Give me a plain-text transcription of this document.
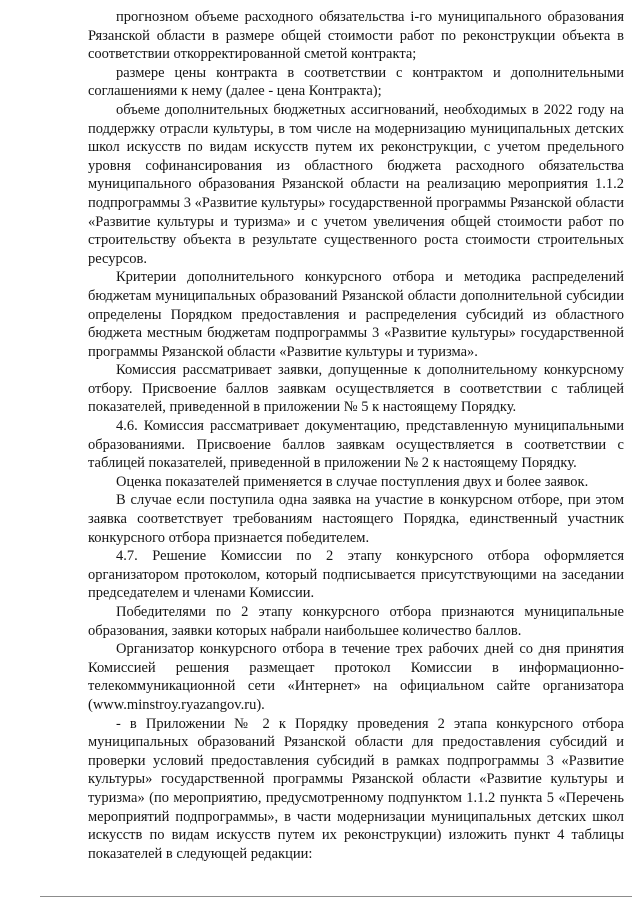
прогнозном объеме расходного обязательства i-го муниципального образования Рязанской области в размере общей стоимости работ по реконструкции объекта в соответствии откорректированной сметой контракта;

размере цены контракта в соответствии с контрактом и дополнительными соглашениями к нему (далее - цена Контракта);

объеме дополнительных бюджетных ассигнований, необходимых в 2022 году на поддержку отрасли культуры, в том числе на модернизацию муниципальных детских школ искусств по видам искусств путем их реконструкции, с учетом предельного уровня софинансирования из областного бюджета расходного обязательства муниципального образования Рязанской области на реализацию мероприятия 1.1.2 подпрограммы 3 «Развитие культуры» государственной программы Рязанской области «Развитие культуры и туризма» и с учетом увеличения общей стоимости работ по строительству объекта в результате существенного роста стоимости строительных ресурсов.

Критерии дополнительного конкурсного отбора и методика распределений бюджетам муниципальных образований Рязанской области дополнительной субсидии определены Порядком предоставления и распределения субсидий из областного бюджета местным бюджетам подпрограммы 3 «Развитие культуры» государственной программы Рязанской области «Развитие культуры и туризма».

Комиссия рассматривает заявки, допущенные к дополнительному конкурсному отбору. Присвоение баллов заявкам осуществляется в соответствии с таблицей показателей, приведенной в приложении № 5 к настоящему Порядку.

4.6. Комиссия рассматривает документацию, представленную муниципальными образованиями. Присвоение баллов заявкам осуществляется в соответствии с таблицей показателей, приведенной в приложении № 2 к настоящему Порядку.

Оценка показателей применяется в случае поступления двух и более заявок.

В случае если поступила одна заявка на участие в конкурсном отборе, при этом заявка соответствует требованиям настоящего Порядка, единственный участник конкурсного отбора признается победителем.

4.7. Решение Комиссии по 2 этапу конкурсного отбора оформляется организатором протоколом, который подписывается присутствующими на заседании председателем и членами Комиссии.

Победителями по 2 этапу конкурсного отбора признаются муниципальные образования, заявки которых набрали наибольшее количество баллов.

Организатор конкурсного отбора в течение трех рабочих дней со дня принятия Комиссией решения размещает протокол Комиссии в информационно-телекоммуникационной сети «Интернет» на официальном сайте организатора (www.minstroy.ryazangov.ru).

- в Приложении № 2 к Порядку проведения 2 этапа конкурсного отбора муниципальных образований Рязанской области для предоставления субсидий и проверки условий предоставления субсидий в рамках подпрограммы 3 «Развитие культуры» государственной программы Рязанской области «Развитие культуры и туризма» (по мероприятию, предусмотренному подпунктом 1.1.2 пункта 5 «Перечень мероприятий подпрограммы», в части модернизации муниципальных детских школ искусств по видам искусств путем их реконструкции) изложить пункт 4 таблицы показателей в следующей редакции:
